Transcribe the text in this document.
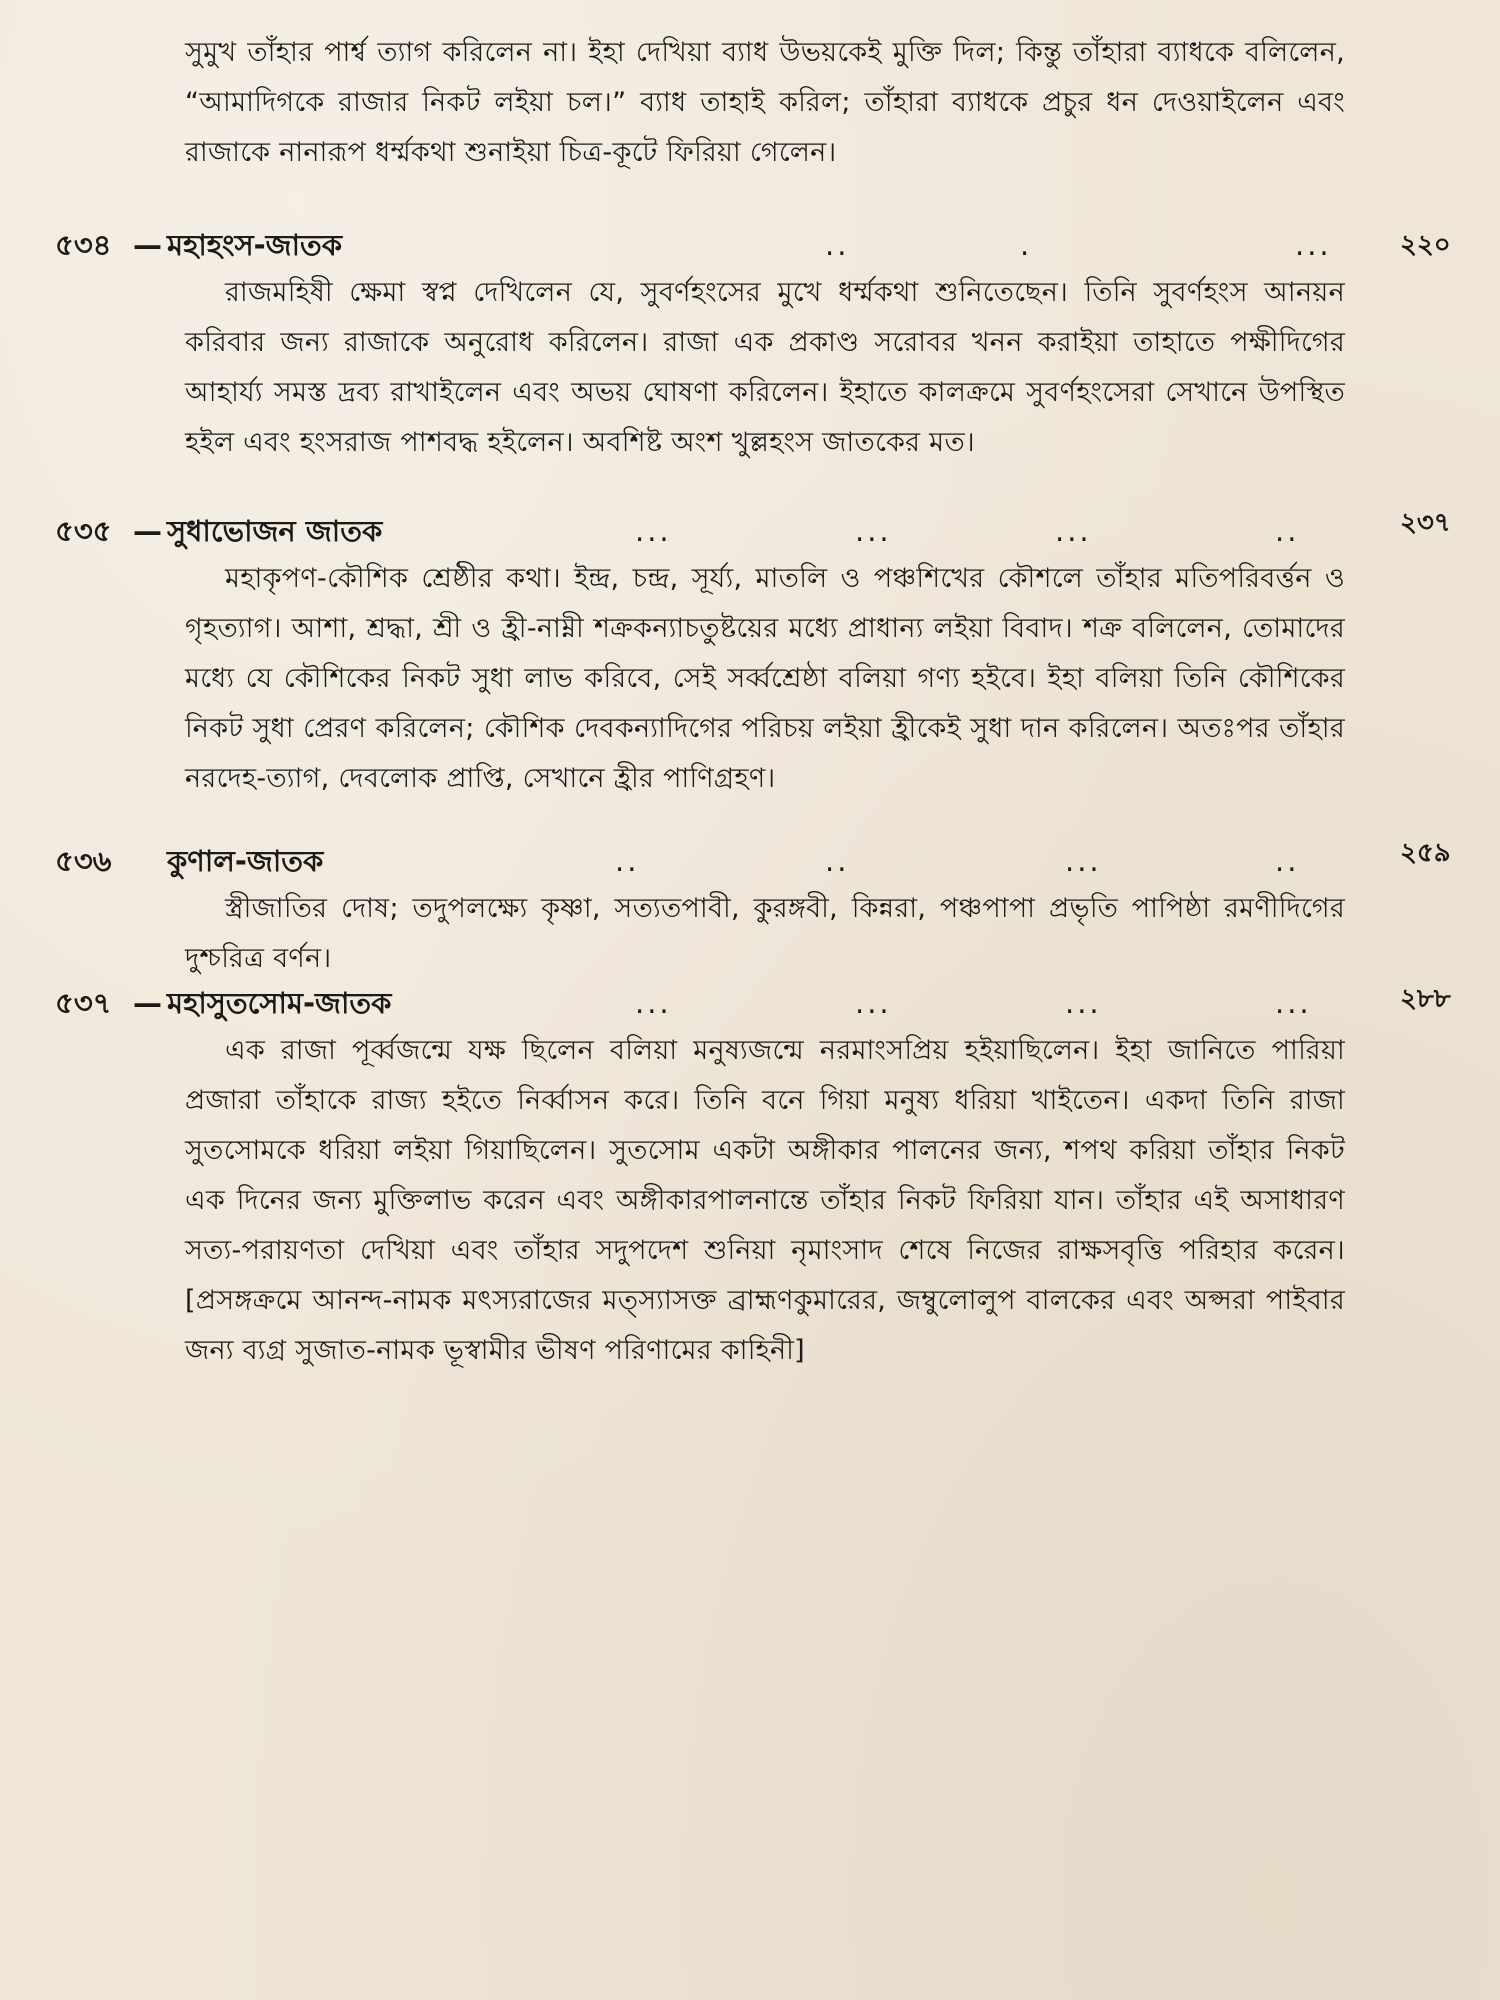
সুমুখ তাঁহার পার্শ্ব ত্যাগ করিলেন না। ইহা দেখিয়া ব্যাধ উভয়কেই মুক্তি দিল; কিন্তু তাঁহারা ব্যাধকে বলিলেন, “আমাদিগকে রাজার নিকট লইয়া চল।” ব্যাধ তাহাই করিল; তাঁহারা ব্যাধকে প্রচুর ধন দেওয়াইলেন এবং রাজাকে নানারূপ ধর্ম্মকথা শুনাইয়া চিত্র-কূটে ফিরিয়া গেলেন।

৫৩৪ — মহাহংস-জাতক	..	.	...	২২০

রাজমহিষী ক্ষেমা স্বপ্ন দেখিলেন যে, সুবর্ণহংসের মুখে ধর্ম্মকথা শুনিতেছেন। তিনি সুবর্ণহংস আনয়ন করিবার জন্য রাজাকে অনুরোধ করিলেন। রাজা এক প্রকাণ্ড সরোবর খনন করাইয়া তাহাতে পক্ষীদিগের আহার্য্য সমস্ত দ্রব্য রাখাইলেন এবং অভয় ঘোষণা করিলেন। ইহাতে কালক্রমে সুবর্ণহংসেরা সেখানে উপস্থিত হইল এবং হংসরাজ পাশবদ্ধ হইলেন। অবশিষ্ট অংশ খুল্লহংস জাতকের মত।

৫৩৫ — সুধাভোজন জাতক	...	...	...	..	২৩৭

মহাকৃপণ-কৌশিক শ্রেষ্ঠীর কথা। ইন্দ্র, চন্দ্র, সূর্য্য, মাতলি ও পঞ্চশিখের কৌশলে তাঁহার মতিপরিবর্ত্তন ও গৃহত্যাগ। আশা, শ্রদ্ধা, শ্রী ও হ্রী-নাম্নী শক্রকন্যাচতুষ্টয়ের মধ্যে প্রাধান্য লইয়া বিবাদ। শক্র বলিলেন, তোমাদের মধ্যে যে কৌশিকের নিকট সুধা লাভ করিবে, সেই সর্ব্বশ্রেষ্ঠা বলিয়া গণ্য হইবে। ইহা বলিয়া তিনি কৌশিকের নিকট সুধা প্রেরণ করিলেন; কৌশিক দেবকন্যাদিগের পরিচয় লইয়া হ্রীকেই সুধা দান করিলেন। অতঃপর তাঁহার নরদেহ-ত্যাগ, দেবলোক প্রাপ্তি, সেখানে হ্রীর পাণিগ্রহণ।

৫৩৬ কুণাল-জাতক	..	..	...	..	২৫৯

স্ত্রীজাতির দোষ; তদুপলক্ষ্যে কৃষ্ণা, সত্যতপাবী, কুরঙ্গবী, কিন্নরা, পঞ্চপাপা প্রভৃতি পাপিষ্ঠা রমণীদিগের দুশ্চরিত্র বর্ণন।

৫৩৭ — মহাসুতসোম-জাতক	...	...	...	...	২৮৮

এক রাজা পূর্ব্বজন্মে যক্ষ ছিলেন বলিয়া মনুষ্যজন্মে নরমাংসপ্রিয় হইয়াছিলেন। ইহা জানিতে পারিয়া প্রজারা তাঁহাকে রাজ্য হইতে নির্ব্বাসন করে। তিনি বনে গিয়া মনুষ্য ধরিয়া খাইতেন। একদা তিনি রাজা সুতসোমকে ধরিয়া লইয়া গিয়াছিলেন। সুতসোম একটা অঙ্গীকার পালনের জন্য, শপথ করিয়া তাঁহার নিকট এক দিনের জন্য মুক্তিলাভ করেন এবং অঙ্গীকারপালনান্তে তাঁহার নিকট ফিরিয়া যান। তাঁহার এই অসাধারণ সত্য-পরায়ণতা দেখিয়া এবং তাঁহার সদুপদেশ শুনিয়া নৃমাংসাদ শেষে নিজের রাক্ষসবৃত্তি পরিহার করেন। [প্রসঙ্গক্রমে আনন্দ-নামক মৎস্যরাজের মত্স্যাসক্ত ব্রাহ্মণকুমারের, জম্বুলোলুপ বালকের এবং অপ্সরা পাইবার জন্য ব্যগ্র সুজাত-নামক ভূস্বামীর ভীষণ পরিণামের কাহিনী]
